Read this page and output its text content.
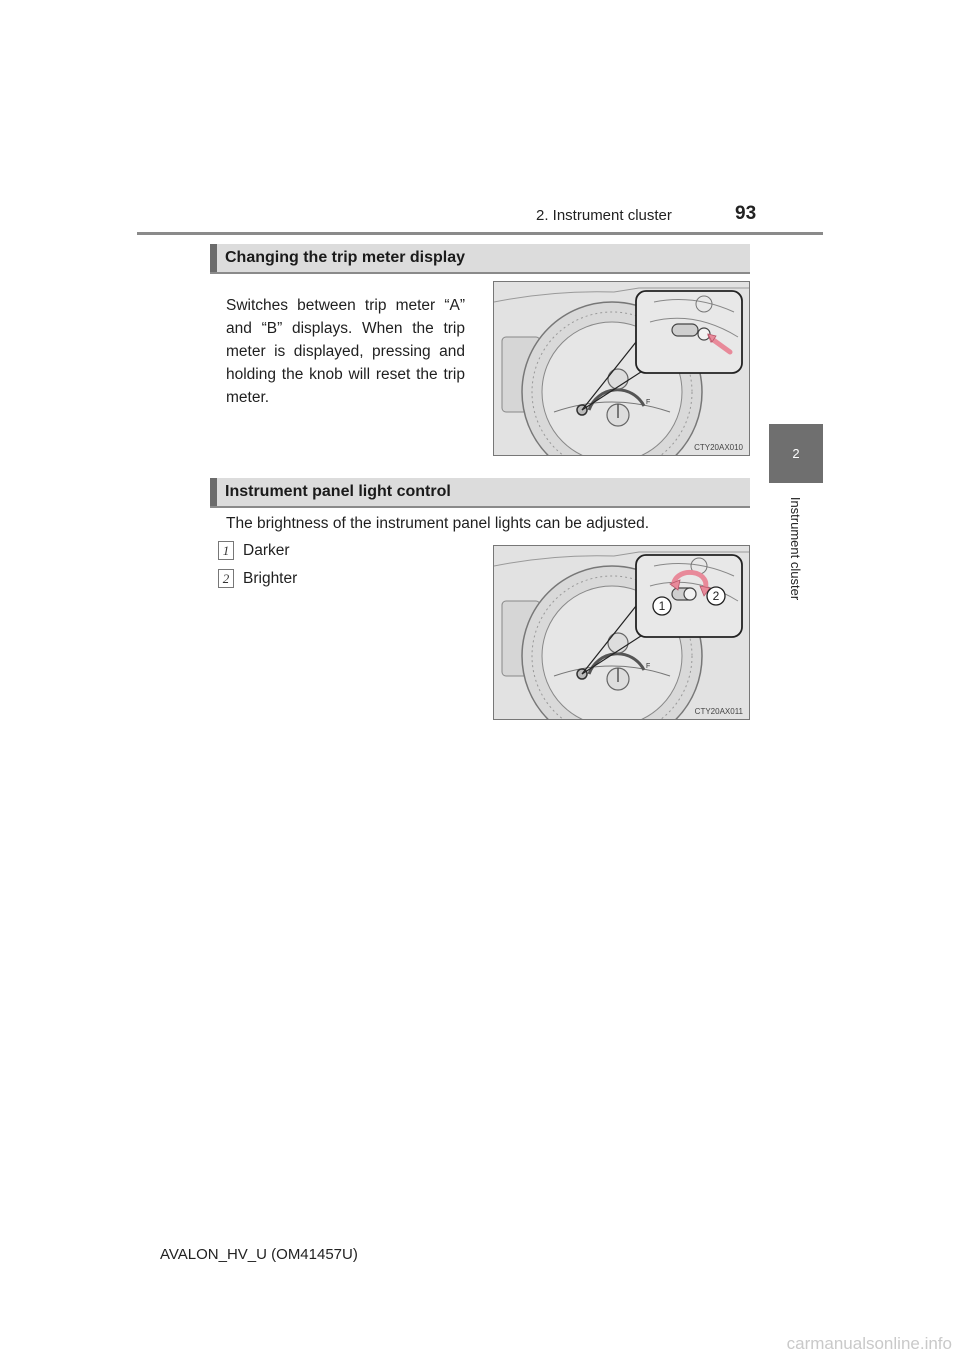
2. Instrument cluster	93
2
Instrument cluster
Changing the trip meter display
Switches between trip meter “A” and “B” displays. When the trip meter is displayed, pressing and holding the knob will reset the trip meter.	F
CTY20AX010
Instrument panel light control
The brightness of the instrument panel lights can be adjusted.
1 Darker
2 Brighter
F
1
2
CTY20AX011
AVALON_HV_U (OM41457U)
carmanualsonline.info
